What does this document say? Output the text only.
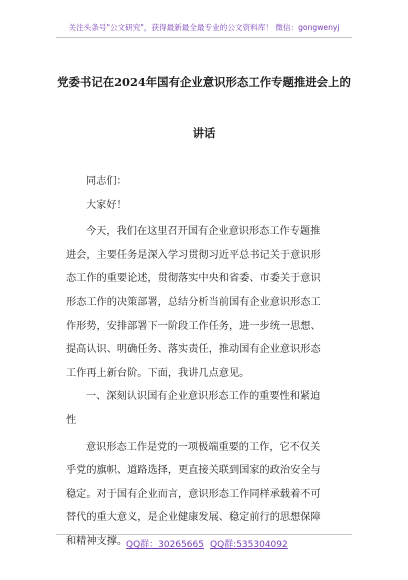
关注头条号"公文研究"，获得最新最全最专业的公文资料库！ 微信：gongwenyj
党委书记在2024年国有企业意识形态工作专题推进会上的
讲话
同志们：
大家好！
今天，我们在这里召开国有企业意识形态工作专题推
进会，主要任务是深入学习贯彻习近平总书记关于意识形
态工作的重要论述，贯彻落实中央和省委、市委关于意识
形态工作的决策部署，总结分析当前国有企业意识形态工
作形势，安排部署下一阶段工作任务，进一步统一思想、
提高认识、明确任务、落实责任，推动国有企业意识形态
工作再上新台阶。下面，我讲几点意见。
一、深刻认识国有企业意识形态工作的重要性和紧迫
性
意识形态工作是党的一项极端重要的工作，它不仅关
乎党的旗帜、道路选择，更直接关联到国家的政治安全与
稳定。对于国有企业而言，意识形态工作同样承载着不可
替代的重大意义，是企业健康发展、稳定前行的思想保障
和精神支撑。
QQ群：30265665 QQ群:535304092
